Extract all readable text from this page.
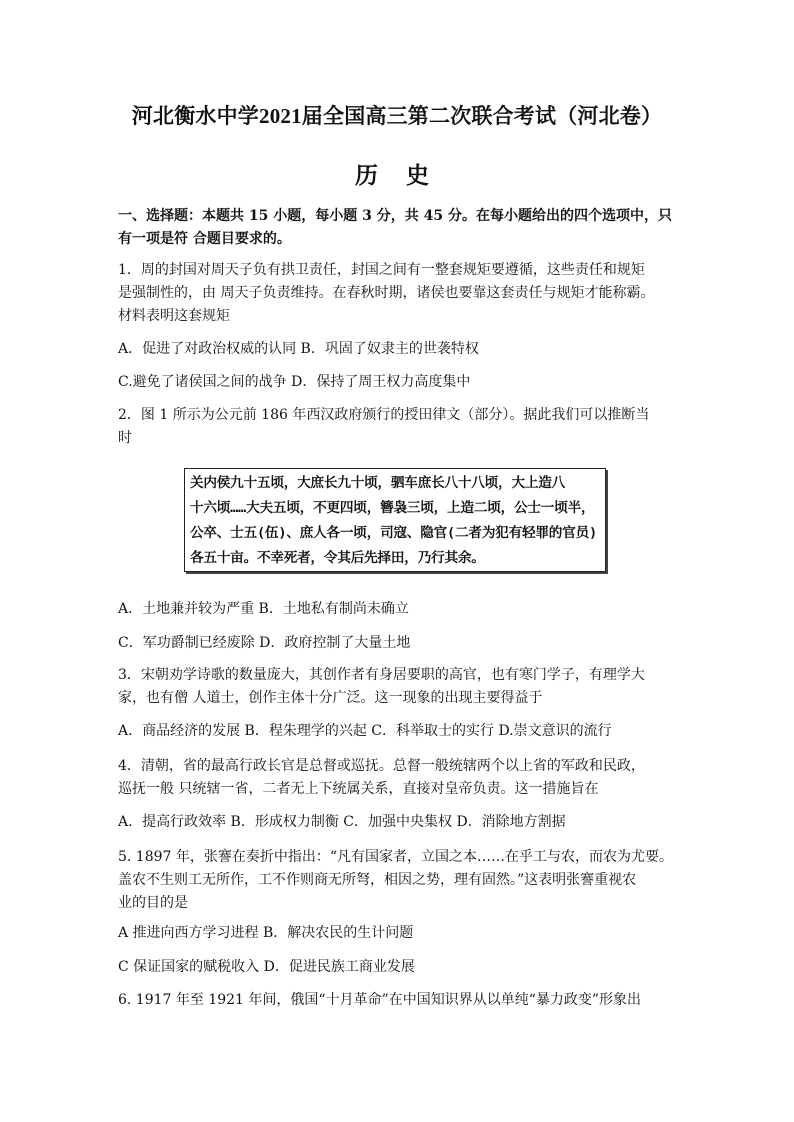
河北衡水中学2021届全国高三第二次联合考试（河北卷）
历 史
一、选择题：本题共 15 小题，每小题 3 分，共 45 分。在每小题给出的四个选项中，只
有一项是符 合题目要求的。
1．周的封国对周天子负有拱卫责任，封国之间有一整套规矩要遵循，这些责任和规矩
是强制性的，由 周天子负责维持。在春秋时期，诸侯也要靠这套责任与规矩才能称霸。
材料表明这套规矩
A．促进了对政治权威的认同 B．巩固了奴隶主的世袭特权
C.避免了诸侯国之间的战争 D．保持了周王权力高度集中
2．图 1 所示为公元前 186 年西汉政府颁行的授田律文（部分）。据此我们可以推断当
时
关内侯九十五顷，大庶长九十顷，驷车庶长八十八顷，大上造八
十六顷……大夫五顷，不更四顷，簪袅三顷，上造二顷，公士一顷半，
公卒、士五(伍)、庶人各一顷，司寇、隐官(二者为犯有轻罪的官员)
各五十亩。不幸死者，令其后先择田，乃行其余。
A．土地兼并较为严重 B．土地私有制尚未确立
C．军功爵制已经废除 D．政府控制了大量土地
3．宋朝劝学诗歌的数量庞大，其创作者有身居要职的高官，也有寒门学子，有理学大
家，也有僧 人道士，创作主体十分广泛。这一现象的出现主要得益于
A．商品经济的发展 B．程朱理学的兴起 C．科举取士的实行 D.崇文意识的流行
4．清朝，省的最高行政长官是总督或巡抚。总督一般统辖两个以上省的军政和民政，
巡抚一般 只统辖一省，二者无上下统属关系，直接对皇帝负责。这一措施旨在
A．提高行政效率 B．形成权力制衡 C．加强中央集权 D．消除地方割据
5. 1897 年，张謇在奏折中指出：“凡有国家者，立国之本……在乎工与农，而农为尤要。
盖农不生则工无所作，工不作则商无所弩，相因之势，理有固然。”这表明张謇重视农
业的目的是
A 推进向西方学习进程 B．解决农民的生计问题
C 保证国家的赋税收入 D．促进民族工商业发展
6. 1917 年至 1921 年间，俄国“十月革命”在中国知识界从以单纯“暴力政变”形象出
